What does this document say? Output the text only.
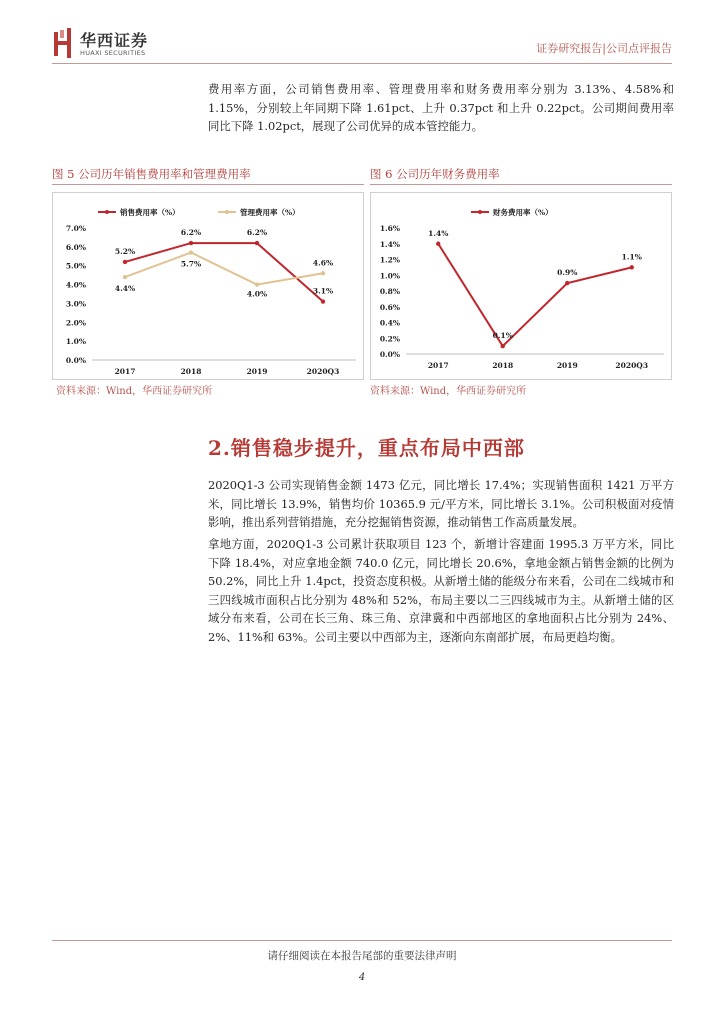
华西证券
HUAXI SECURITIES	证券研究报告|公司点评报告
费用率方面，公司销售费用率、管理费用率和财务费用率分别为 3.13%、4.58%和 1.15%，分别较上年同期下降 1.61pct、上升 0.37pct 和上升 0.22pct。公司期间费用率同比下降 1.02pct，展现了公司优异的成本管控能力。
图 5 公司历年销售费用率和管理费用率
0.0%
1.0%
2.0%
3.0%
4.0%
5.0%
6.0%
7.0%
2017	2018	2019	2020Q3
销售费用率（%）	管理费用率（%）
5.2%
6.2%	6.2%
3.1%
4.4%
5.7%
4.0%
4.6%
资料来源：Wind，华西证券研究所
图 6 公司历年财务费用率
0.0%
0.2%
0.4%
0.6%
0.8%
1.0%
1.2%
1.4%
1.6%
2017	2018	2019	2020Q3
财务费用率（%）
1.4%
0.1%
0.9%
1.1%
资料来源：Wind，华西证券研究所
2.销售稳步提升，重点布局中西部
2020Q1-3 公司实现销售金额 1473 亿元，同比增长 17.4%；实现销售面积 1421 万平方米，同比增长 13.9%，销售均价 10365.9 元/平方米，同比增长 3.1%。公司积极面对疫情影响，推出系列营销措施，充分挖掘销售资源，推动销售工作高质量发展。
拿地方面，2020Q1-3 公司累计获取项目 123 个，新增计容建面 1995.3 万平方米，同比下降 18.4%，对应拿地金额 740.0 亿元，同比增长 20.6%，拿地金额占销售金额的比例为 50.2%，同比上升 1.4pct，投资态度积极。从新增土储的能级分布来看，公司在二线城市和三四线城市面积占比分别为 48%和 52%，布局主要以二三四线城市为主。从新增土储的区域分布来看，公司在长三角、珠三角、京津冀和中西部地区的拿地面积占比分别为 24%、2%、11%和 63%。公司主要以中西部为主，逐渐向东南部扩展，布局更趋均衡。
请仔细阅读在本报告尾部的重要法律声明
4
